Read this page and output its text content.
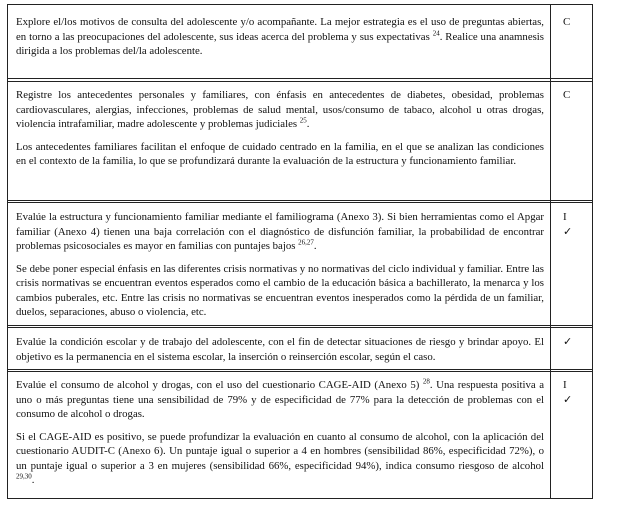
Explore el/los motivos de consulta del adolescente y/o acompañante. La mejor estrategia es el uso de preguntas abiertas, en torno a las preocupaciones del adolescente, sus ideas acerca del problema y sus expectativas $^{24}$. Realice una anamnesis dirigida a los problemas del/la adolescente.

C

Registre los antecedentes personales y familiares, con énfasis en antecedentes de diabetes, obesidad, problemas cardiovasculares, alergias, infecciones, problemas de salud mental, usos/consumo de tabaco, alcohol u otras drogas, violencia intrafamiliar, madre adolescente y problemas judiciales $^{25}$.

Los antecedentes familiares facilitan el enfoque de cuidado centrado en la familia, en el que se analizan las condiciones en el contexto de la familia, lo que se profundizará durante la evaluación de la estructura y funcionamiento familiar.

C

Evalúe la estructura y funcionamiento familiar mediante el familiograma (Anexo 3). Si bien herramientas como el Apgar familiar (Anexo 4) tienen una baja correlación con el diagnóstico de disfunción familiar, la probabilidad de encontrar problemas psicosociales es mayor en familias con puntajes bajos $^{26,27}$.

Se debe poner especial énfasis en las diferentes crisis normativas y no normativas del ciclo individual y familiar. Entre las crisis normativas se encuentran eventos esperados como el cambio de la educación básica a bachillerato, la menarca y los cambios puberales, etc. Entre las crisis no normativas se encuentran eventos inesperados como la pérdida de un familiar, duelos, separaciones, abuso o violencia, etc.

I
✓

Evalúe la condición escolar y de trabajo del adolescente, con el fin de detectar situaciones de riesgo y brindar apoyo. El objetivo es la permanencia en el sistema escolar, la inserción o reinserción escolar, según el caso.

✓

Evalúe el consumo de alcohol y drogas, con el uso del cuestionario CAGE-AID (Anexo 5) $^{28}$. Una respuesta positiva a uno o más preguntas tiene una sensibilidad de 79% y de especificidad de 77% para la detección de problemas con el consumo de alcohol o drogas.

Si el CAGE-AID es positivo, se puede profundizar la evaluación en cuanto al consumo de alcohol, con la aplicación del cuestionario AUDIT-C (Anexo 6). Un puntaje igual o superior a 4 en hombres (sensibilidad 86%, especificidad 72%), o un puntaje igual o superior a 3 en mujeres (sensibilidad 66%, especificidad 94%), indica consumo riesgoso de alcohol $^{29,30}$.

I
✓
